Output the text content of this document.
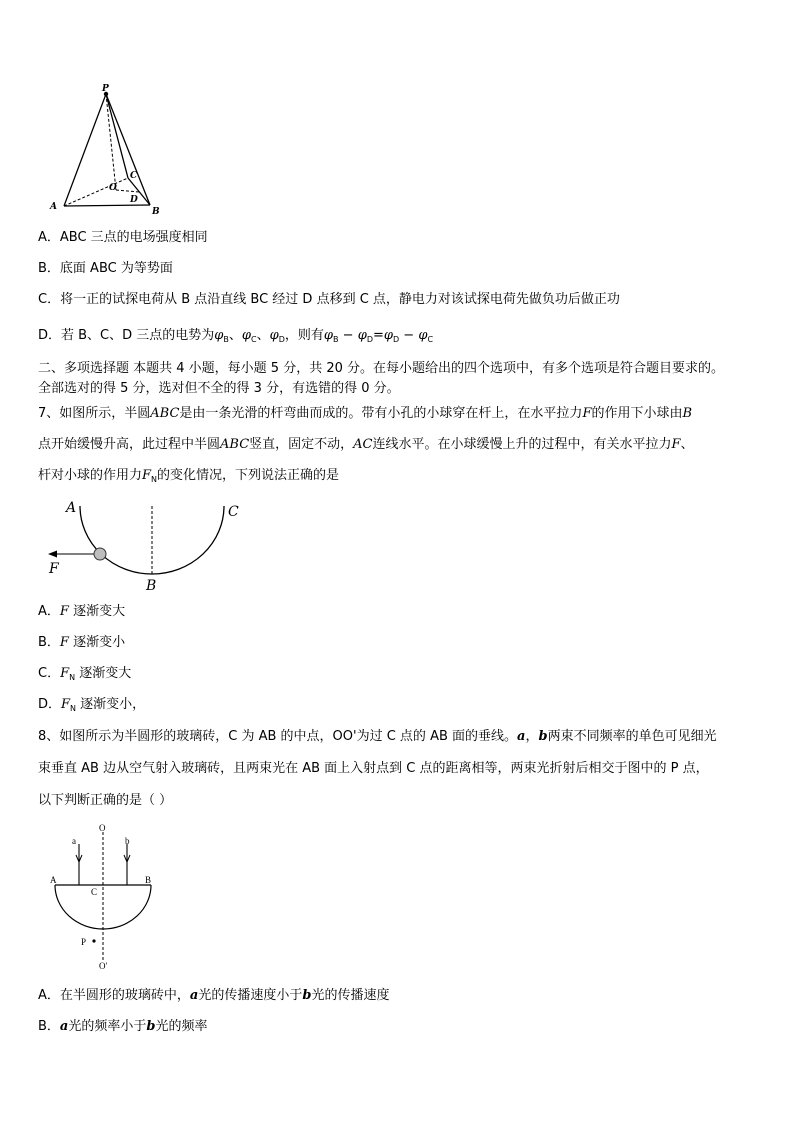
P
A	B
C
O
D
A．ABC 三点的电场强度相同
B．底面 ABC 为等势面
C．将一正的试探电荷从 B 点沿直线 BC 经过 D 点移到 C 点，静电力对该试探电荷先做负功后做正功
D．若 B、C、D 三点的电势为$\varphi_B$、$\varphi_C$、$\varphi_D$，则有$\varphi_B - \varphi_D=\varphi_D - \varphi_C$
二、多项选择题 本题共 4 小题，每小题 5 分，共 20 分。在每小题给出的四个选项中，有多个选项是符合题目要求的。
全部选对的得 5 分，选对但不全的得 3 分，有选错的得 0 分。
7、如图所示，半圆ABC是由一条光滑的杆弯曲而成的。带有小孔的小球穿在杆上，在水平拉力F的作用下小球由B
点开始缓慢升高，此过程中半圆ABC竖直，固定不动，AC连线水平。在小球缓慢上升的过程中，有关水平拉力F、
杆对小球的作用力$F_N$的变化情况，下列说法正确的是
A	C
B
F
A．F 逐渐变大
B．F 逐渐变小
C．$F_N$ 逐渐变大
D．$F_N$ 逐渐变小，
8、如图所示为半圆形的玻璃砖，C 为 AB 的中点，OO'为过 C 点的 AB 面的垂线。a，b两束不同频率的单色可见细光
束垂直 AB 边从空气射入玻璃砖，且两束光在 AB 面上入射点到 C 点的距离相等，两束光折射后相交于图中的 P 点，
以下判断正确的是（ ）
O
a	b
A	B
C
P
O'
A．在半圆形的玻璃砖中，a光的传播速度小于b光的传播速度
B．a光的频率小于b光的频率
